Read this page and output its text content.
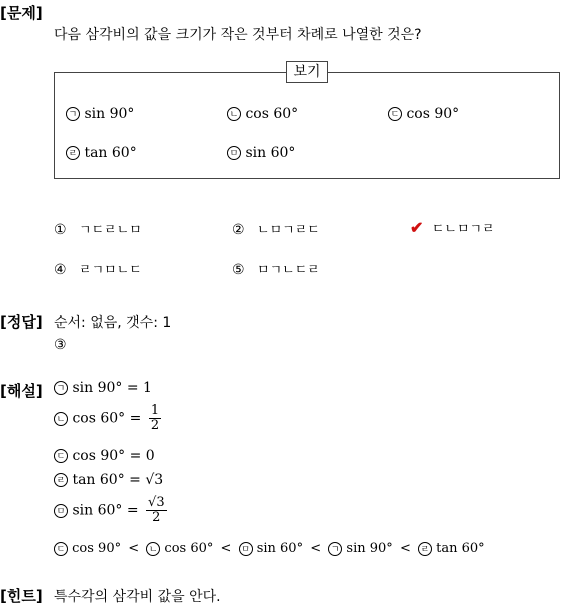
[문제]
다음 삼각비의 값을 크기가 작은 것부터 차례로 나열한 것은?
보기
ㄱ sin 90°	ㄴ cos 60°	ㄷ cos 90°
ㄹ tan 60°	ㅁ sin 60°
① ㄱㄷㄹㄴㅁ	② ㄴㅁㄱㄹㄷ	✔ ㄷㄴㅁㄱㄹ
④ ㄹㄱㅁㄴㄷ	⑤ ㅁㄱㄴㄷㄹ
[정답] 순서: 없음, 갯수: 1
③
[해설] ㄱ sin 90° = 1
ㄴ $\cos 60^\circ = \frac{1}{2}$
ㄷ cos 90° = 0
ㄹ tan 60° = √3
ㅁ $\sin 60^\circ = \frac{√3}{2}$
ㄷ cos 90° < ㄴ cos 60° < ㅁ sin 60° < ㄱ sin 90° < ㄹ tan 60°
[힌트] 특수각의 삼각비 값을 안다.
